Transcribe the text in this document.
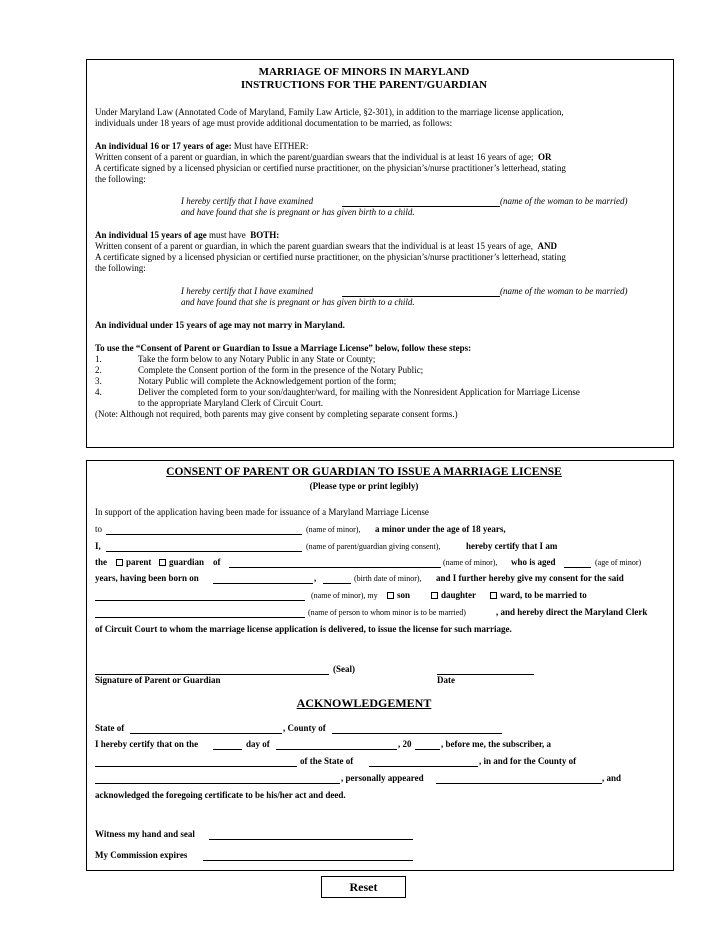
MARRIAGE OF MINORS IN MARYLAND
INSTRUCTIONS FOR THE PARENT/GUARDIAN
Under Maryland Law (Annotated Code of Maryland, Family Law Article, §2-301), in addition to the marriage license application,
individuals under 18 years of age must provide additional documentation to be married, as follows:
An individual 16 or 17 years of age: Must have EITHER:
Written consent of a parent or guardian, in which the parent/guardian swears that the individual is at least 16 years of age; OR
A certificate signed by a licensed physician or certified nurse practitioner, on the physician’s/nurse practitioner’s letterhead, stating
the following:
I hereby certify that I have examined	(name of the woman to be married)
and have found that she is pregnant or has given birth to a child.
An individual 15 years of age must have BOTH:
Written consent of a parent or guardian, in which the parent guardian swears that the individual is at least 15 years of age, AND
A certificate signed by a licensed physician or certified nurse practitioner, on the physician’s/nurse practitioner’s letterhead, stating
the following:
I hereby certify that I have examined	(name of the woman to be married)
and have found that she is pregnant or has given birth to a child.
An individual under 15 years of age may not marry in Maryland.
To use the “Consent of Parent or Guardian to Issue a Marriage License” below, follow these steps:
1.	Take the form below to any Notary Public in any State or County;
2.	Complete the Consent portion of the form in the presence of the Notary Public;
3.	Notary Public will complete the Acknowledgement portion of the form;
4.	Deliver the completed form to your son/daughter/ward, for mailing with the Nonresident Application for Marriage License
to the appropriate Maryland Clerk of Circuit Court.
(Note: Although not required, both parents may give consent by completing separate consent forms.)
CONSENT OF PARENT OR GUARDIAN TO ISSUE A MARRIAGE LICENSE
(Please type or print legibly)
In support of the application having been made for issuance of a Maryland Marriage License
to	(name of minor), a minor under the age of 18 years,
I,	(name of parent/guardian giving consent),	hereby certify that I am
the	parent	guardian of	(name of minor), who is aged	(age of minor)
years, having been born on	,	(birth date of minor), and I further hereby give my consent for the said
(name of minor), my	son	daughter	ward, to be married to
(name of person to whom minor is to be married)	, and hereby direct the Maryland Clerk
of Circuit Court to whom the marriage license application is delivered, to issue the license for such marriage.
(Seal)
Signature of Parent or Guardian	Date
ACKNOWLEDGEMENT
State of	, County of
I hereby certify that on the	day of	, 20	, before me, the subscriber, a
of the State of	, in and for the County of
, personally appeared	, and
acknowledged the foregoing certificate to be his/her act and deed.
Witness my hand and seal
My Commission expires
Reset
